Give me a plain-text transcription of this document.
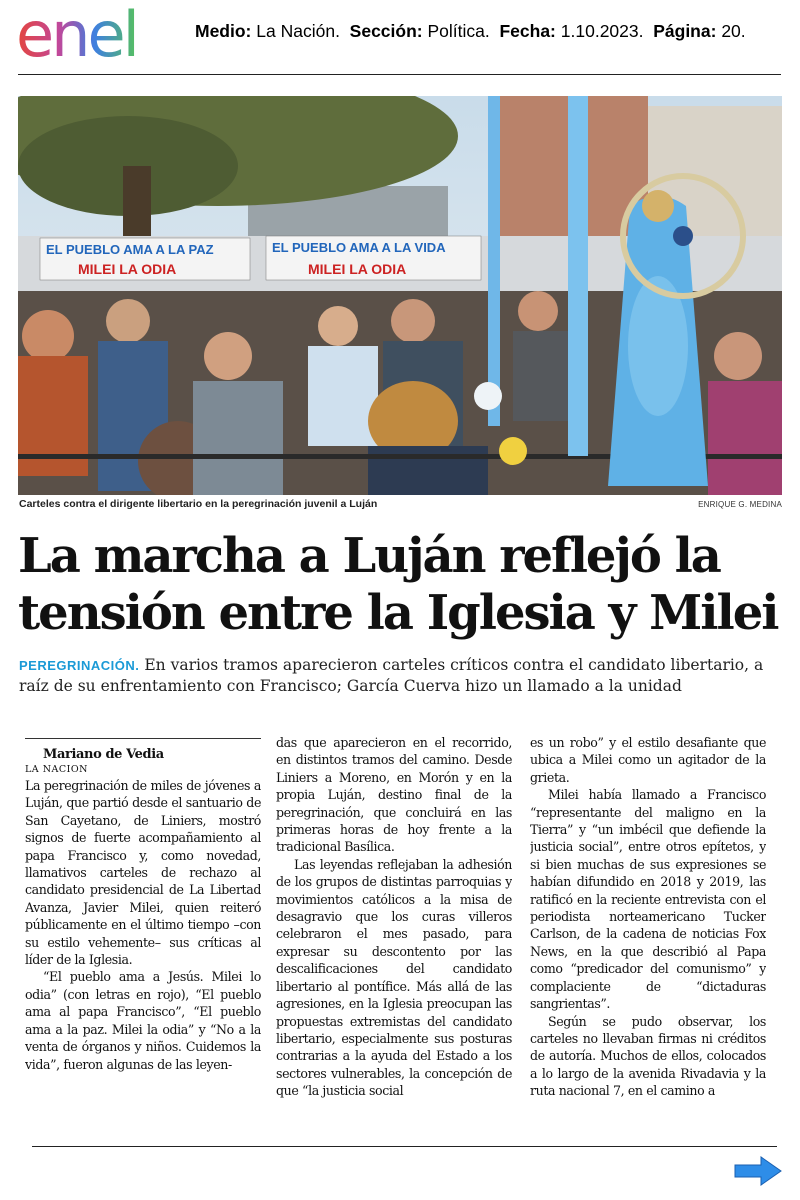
enel	Medio: La Nación. Sección: Política. Fecha: 1.10.2023. Página: 20.
EL PUEBLO AMA A LA PAZ
MILEI LA ODIA
EL PUEBLO AMA A LA VIDA
MILEI LA ODIA
Carteles contra el dirigente libertario en la peregrinación juvenil a Luján	ENRIQUE G. MEDINA
La marcha a Luján reflejó la
tensión entre la Iglesia y Milei

PEREGRINACIÓN. En varios tramos aparecieron carteles críticos contra el candidato libertario, a raíz de su enfrentamiento con Francisco; García Cuerva hizo un llamado a la unidad

Mariano de Vedia

LA NACION

La peregrinación de miles de jóvenes a Luján, que partió desde el santuario de San Cayetano, de Liniers, mostró signos de fuerte acompañamiento al papa Francisco y, como novedad, llamativos carteles de rechazo al candidato presidencial de La Libertad Avanza, Javier Milei, quien reiteró públicamente en el último tiempo –con su estilo vehemente– sus críticas al líder de la Iglesia.

“El pueblo ama a Jesús. Milei lo odia” (con letras en rojo), “El pueblo ama al papa Francisco”, “El pueblo ama a la paz. Milei la odia” y “No a la venta de órganos y niños. Cuidemos la vida”, fueron algunas de las leyen-

das que aparecieron en el recorrido, en distintos tramos del camino. Desde Liniers a Moreno, en Morón y en la propia Luján, destino final de la peregrinación, que concluirá en las primeras horas de hoy frente a la tradicional Basílica.

Las leyendas reflejaban la adhesión de los grupos de distintas parroquias y movimientos católicos a la misa de desagravio que los curas villeros celebraron el mes pasado, para expresar su descontento por las descalificaciones del candidato libertario al pontífice. Más allá de las agresiones, en la Iglesia preocupan las propuestas extremistas del candidato libertario, especialmente sus posturas contrarias a la ayuda del Estado a los sectores vulnerables, la concepción de que “la justicia social

es un robo” y el estilo desafiante que ubica a Milei como un agitador de la grieta.

Milei había llamado a Francisco “representante del maligno en la Tierra” y “un imbécil que defiende la justicia social”, entre otros epítetos, y si bien muchas de sus expresiones se habían difundido en 2018 y 2019, las ratificó en la reciente entrevista con el periodista norteamericano Tucker Carlson, de la cadena de noticias Fox News, en la que describió al Papa como “predicador del comunismo” y complaciente de “dictaduras sangrientas”.

Según se pudo observar, los carteles no llevaban firmas ni créditos de autoría. Muchos de ellos, colocados a lo largo de la avenida Rivadavia y la ruta nacional 7, en el camino a
